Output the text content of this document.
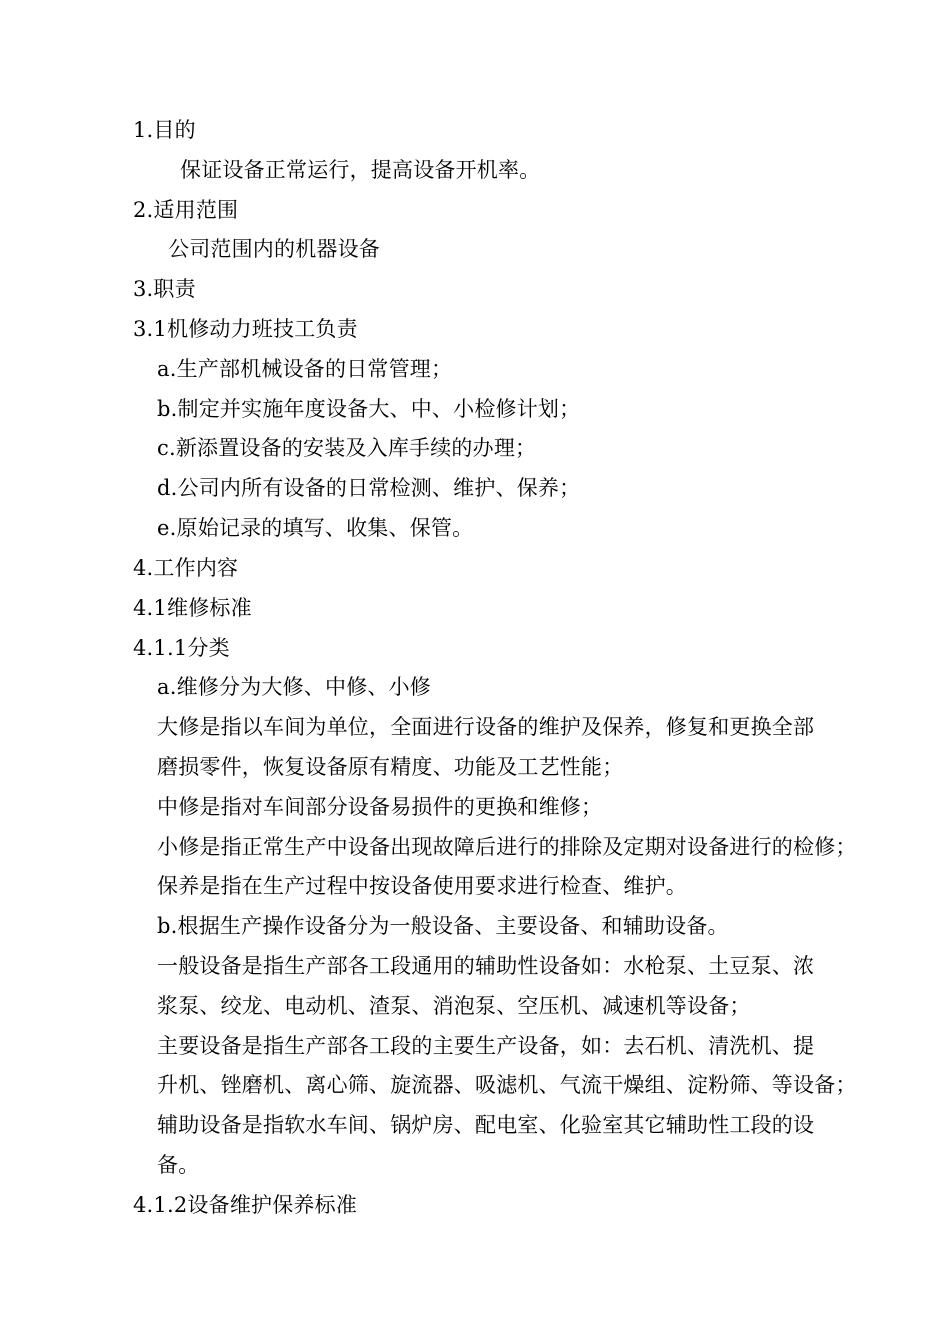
1.目的
保证设备正常运行，提高设备开机率。
2.适用范围
公司范围内的机器设备
3.职责
3.1机修动力班技工负责
a.生产部机械设备的日常管理；
b.制定并实施年度设备大、中、小检修计划；
c.新添置设备的安装及入库手续的办理；
d.公司内所有设备的日常检测、维护、保养；
e.原始记录的填写、收集、保管。
4.工作内容
4.1维修标准
4.1.1分类
a.维修分为大修、中修、小修
大修是指以车间为单位，全面进行设备的维护及保养，修复和更换全部
磨损零件，恢复设备原有精度、功能及工艺性能；
中修是指对车间部分设备易损件的更换和维修；
小修是指正常生产中设备出现故障后进行的排除及定期对设备进行的检修；
保养是指在生产过程中按设备使用要求进行检查、维护。
b.根据生产操作设备分为一般设备、主要设备、和辅助设备。
一般设备是指生产部各工段通用的辅助性设备如：水枪泵、土豆泵、浓
浆泵、绞龙、电动机、渣泵、消泡泵、空压机、减速机等设备；
主要设备是指生产部各工段的主要生产设备，如：去石机、清洗机、提
升机、锉磨机、离心筛、旋流器、吸滤机、气流干燥组、淀粉筛、等设备；
辅助设备是指软水车间、锅炉房、配电室、化验室其它辅助性工段的设
备。
4.1.2设备维护保养标准
